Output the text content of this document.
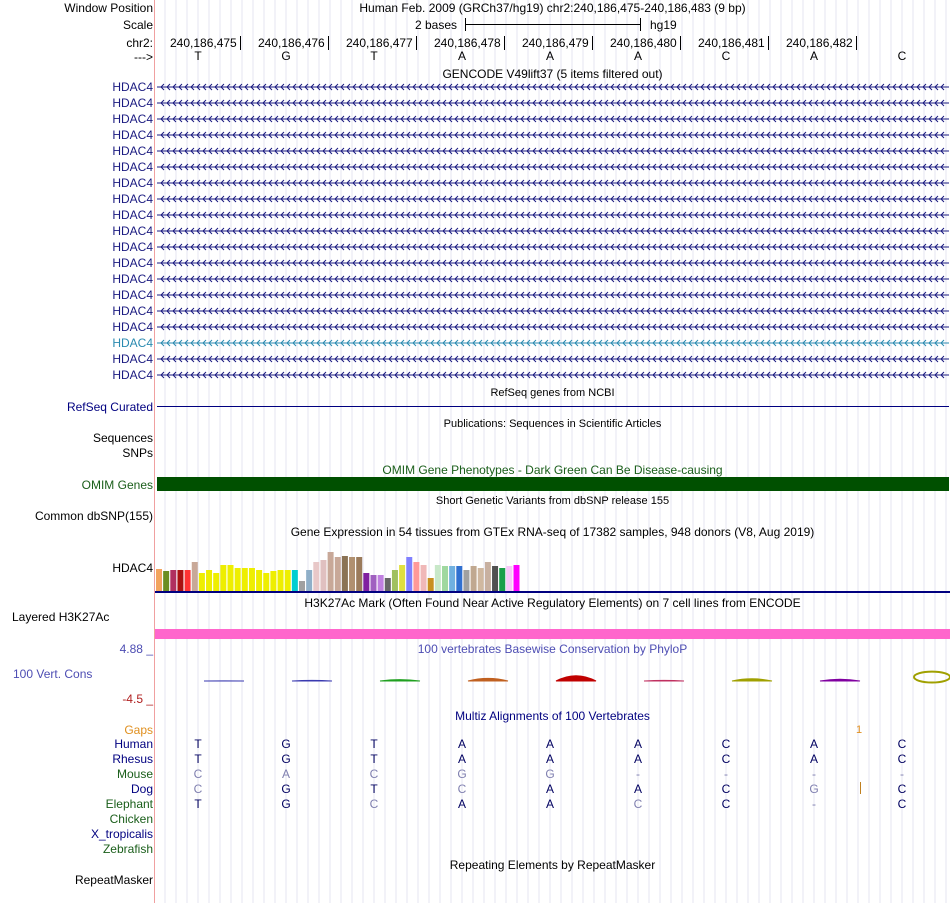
Window Position	Human Feb. 2009 (GRCh37/hg19) chr2:240,186,475-240,186,483 (9 bp)
Scale	2 bases	hg19
chr2: 240,186,475	240,186,476	240,186,477	240,186,478	240,186,479	240,186,480	240,186,481	240,186,482
--->	T	G	T	A	A	A	C	A	C
GENCODE V49lift37 (5 items filtered out)
HDAC4
HDAC4
HDAC4
HDAC4
HDAC4
HDAC4
HDAC4
HDAC4
HDAC4
HDAC4
HDAC4
HDAC4
HDAC4
HDAC4
HDAC4
HDAC4
HDAC4
HDAC4
HDAC4
RefSeq genes from NCBI
RefSeq Curated
Publications: Sequences in Scientific Articles
Sequences
SNPs
OMIM Gene Phenotypes - Dark Green Can Be Disease-causing
OMIM Genes
Short Genetic Variants from dbSNP release 155
Common dbSNP(155)
Gene Expression in 54 tissues from GTEx RNA-seq of 17382 samples, 948 donors (V8, Aug 2019)
HDAC4
H3K27Ac Mark (Often Found Near Active Regulatory Elements) on 7 cell lines from ENCODE
Layered H3K27Ac
4.88 _	100 vertebrates Basewise Conservation by PhyloP
100 Vert. Cons
-4.5 _
Multiz Alignments of 100 Vertebrates
Gaps	1
Human	T	G	T	A	A	A	C	A	C
Rhesus	T	G	T	A	A	A	C	A	C
Mouse	C	A	C	G	G	-	-	-	-
Dog	C	G	T	C	A	A	C	G	C
Elephant	T	G	C	A	A	C	C	-	C
Chicken
X_tropicalis
Zebrafish
Repeating Elements by RepeatMasker
RepeatMasker
